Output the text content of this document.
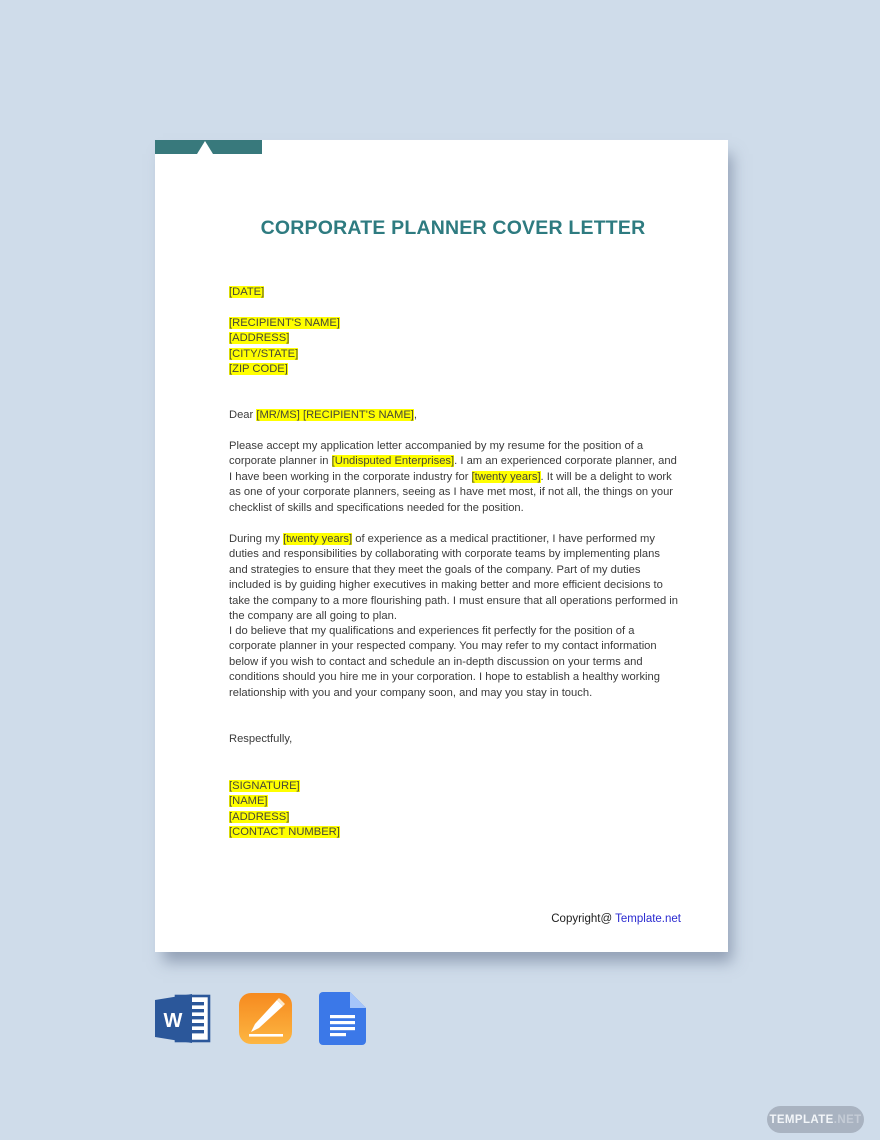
CORPORATE PLANNER COVER LETTER
[DATE]
[RECIPIENT'S NAME]
[ADDRESS]
[CITY/STATE]
[ZIP CODE]
Dear [MR/MS] [RECIPIENT'S NAME],
Please accept my application letter accompanied by my resume for the position of a corporate planner in [Undisputed Enterprises]. I am an experienced corporate planner, and I have been working in the corporate industry for [twenty years]. It will be a delight to work as one of your corporate planners, seeing as I have met most, if not all, the things on your checklist of skills and specifications needed for the position.
During my [twenty years] of experience as a medical practitioner, I have performed my duties and responsibilities by collaborating with corporate teams by implementing plans and strategies to ensure that they meet the goals of the company. Part of my duties included is by guiding higher executives in making better and more efficient decisions to take the company to a more flourishing path. I must ensure that all operations performed in the company are all going to plan.
I do believe that my qualifications and experiences fit perfectly for the position of a corporate planner in your respected company. You may refer to my contact information below if you wish to contact and schedule an in-depth discussion on your terms and conditions should you hire me in your corporation. I hope to establish a healthy working relationship with you and your company soon, and may you stay in touch.
Respectfully,
[SIGNATURE]
[NAME]
[ADDRESS]
[CONTACT NUMBER]
Copyright@ Template.net
W
TEMPLATE .NET
